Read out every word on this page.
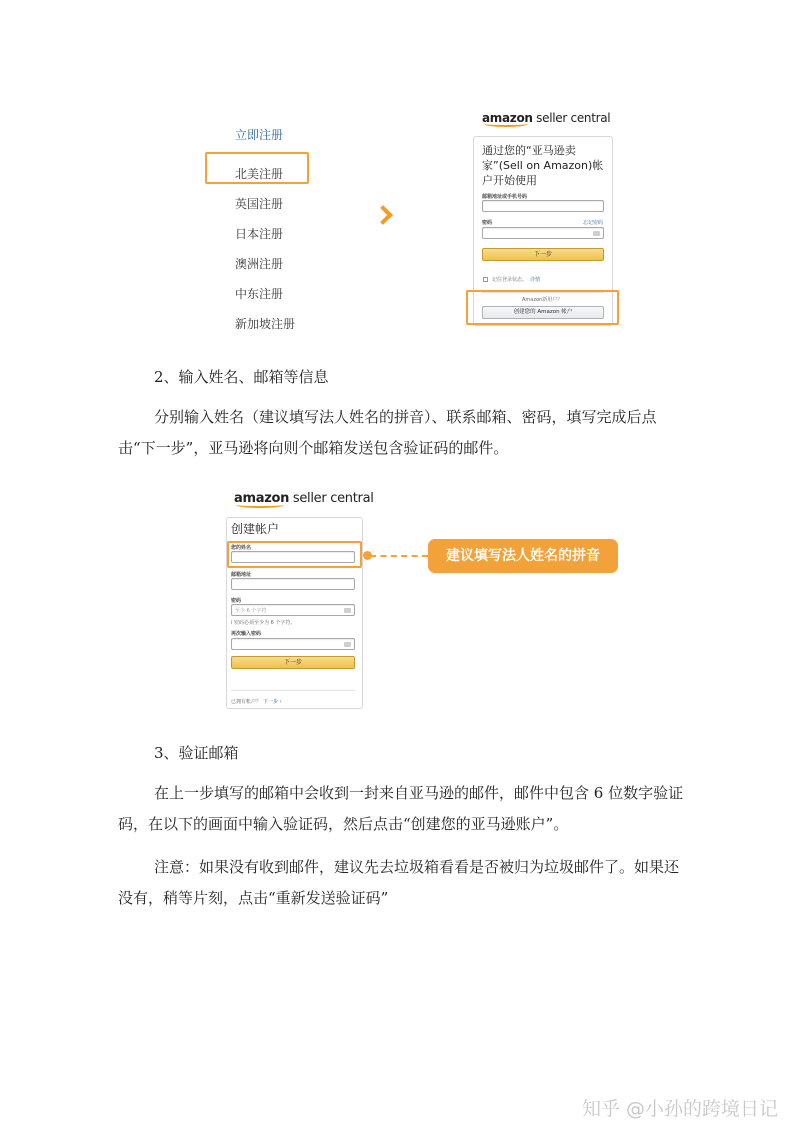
立即注册
北美注册
英国注册
日本注册
澳洲注册
中东注册
新加坡注册
amazon seller central
通过您的“亚马逊卖家”(Sell on Amazon)帐户开始使用
邮箱地址或手机号码
密码	忘记密码
下一步
记住登录状态。 详情
Amazon新用户？
创建您的 Amazon 帐户
2、输入姓名、邮箱等信息
分别输入姓名（建议填写法人姓名的拼音）、联系邮箱、密码，填写完成后点击“下一步”，亚马逊将向则个邮箱发送包含验证码的邮件。
amazon seller central
创建帐户
您的姓名
邮箱地址
密码
至少 6 个字符
i 密码必须至少为 6 个字符。
再次输入密码
下一步
已拥有帐户？ 下一步 ›
建议填写法人姓名的拼音
3、验证邮箱
在上一步填写的邮箱中会收到一封来自亚马逊的邮件，邮件中包含 6 位数字验证码，在以下的画面中输入验证码，然后点击“创建您的亚马逊账户”。
注意：如果没有收到邮件，建议先去垃圾箱看看是否被归为垃圾邮件了。如果还没有，稍等片刻，点击“重新发送验证码”
知乎 @小孙的跨境日记
